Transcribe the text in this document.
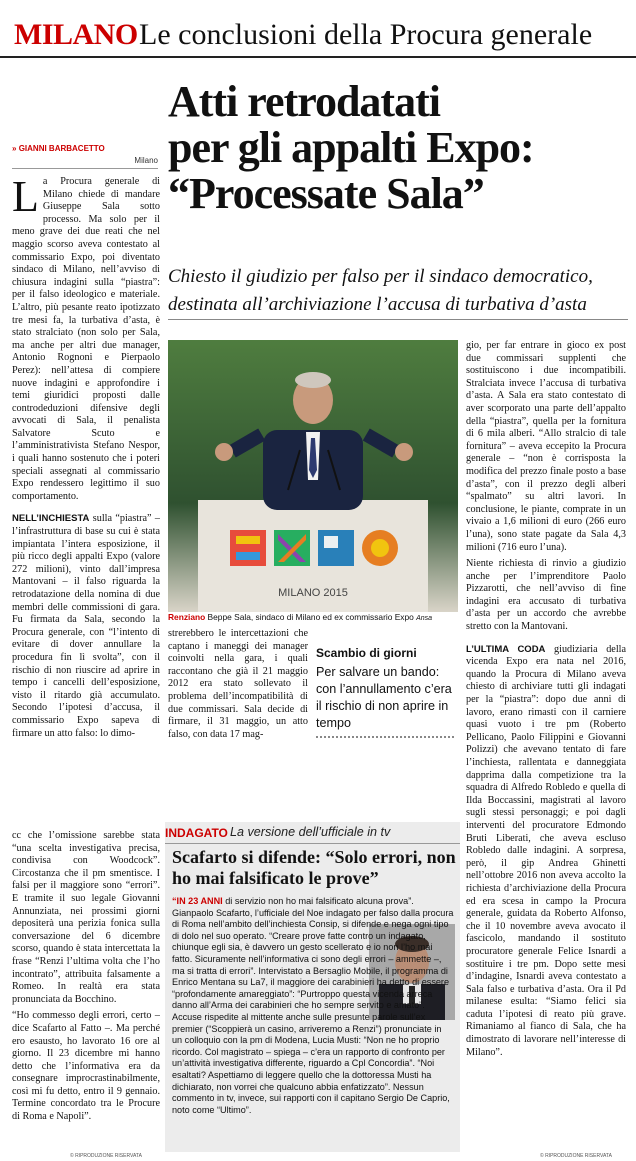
MILANO Le conclusioni della Procura generale
Atti retrodatati
per gli appalti Expo:
“Processate Sala”
Chiesto il giudizio per falso per il sindaco democratico,
destinata all’archiviazione l’accusa di turbativa d’asta
» GIANNI BARBACETTO
Milano
L a Procura generale di Milano chiede di mandare Giuseppe Sala sotto processo. Ma solo per il meno grave dei due reati che nel maggio scorso aveva contestato al commissario Expo, poi diventato sindaco di Milano, nell’avviso di chiusura indagini sulla “piastra”: per il falso ideologico e materiale. L’altro, più pesante reato ipotizzato tre mesi fa, la turbativa d’asta, è stato stralciato (non solo per Sala, ma anche per altri due manager, Antonio Rognoni e Pierpaolo Perez): nell’attesa di compiere nuove indagini e approfondire i temi giuridici proposti dalle controdeduzioni difensive degli avvocati di Sala, il penalista Salvatore Scuto e l’amministrativista Stefano Nespor, i quali hanno sostenuto che i poteri speciali assegnati al commissario Expo rendessero legittimo il suo comportamento.
NELL’INCHIESTA sulla “piastra” – l’infrastruttura di base su cui è stata impiantata l’intera esposizione, il più ricco degli appalti Expo (valore 272 milioni), vinto dall’impresa Mantovani – il falso riguarda la retrodatazione della nomina di due membri delle commissioni di gara. Fu firmata da Sala, secondo la Procura generale, con “l’intento di evitare di dover annullare la procedura fin lì svolta”, con il rischio di non riuscire ad aprire in tempo i cancelli dell’esposizione, visto il ritardo già accumulato. Secondo l’ipotesi d’accusa, il commissario Expo sapeva di firmare un atto falso: lo dimo-
cc che l’omissione sarebbe stata “una scelta investigativa precisa, condivisa con Woodcock”. Circostanza che il pm smentisce. I falsi per il maggiore sono “errori”. E tramite il suo legale Giovanni Annunziata, nei prossimi giorni depositerà una perizia fonica sulla conversazione del 6 dicembre scorso, quando è stata intercettata la frase “Renzi l’ultima volta che l’ho incontrato”, attribuita falsamente a Romeo. In realtà era stata pronunciata da Bocchino.
“Ho commesso degli errori, certo – dice Scafarto al Fatto –. Ma perché ero esausto, ho lavorato 16 ore al giorno. Il 23 dicembre mi hanno detto che l’informativa era da consegnare improcrastinabilmente, così mi fu detto, entro il 9 gennaio. Termine concordato tra le Procure di Roma e Napoli”.
MILANO 2015
Renziano Beppe Sala, sindaco di Milano ed ex commissario Expo Ansa
strerebbero le intercettazioni che captano i maneggi dei manager coinvolti nella gara, i quali raccontano che già il 21 maggio 2012 era stato sollevato il problema dell’incompatibilità di due commissari. Sala decide di firmare, il 31 maggio, un atto falso, con data 17 mag-
Scambio di giorni
Per salvare un bando: con l’annullamento c’era il rischio di non aprire in tempo
gio, per far entrare in gioco ex post due commissari supplenti che sostituiscono i due incompatibili. Stralciata invece l’accusa di turbativa d’asta. A Sala era stato contestato di aver scorporato una parte dell’appalto della “piastra”, quella per la fornitura di 6 mila alberi. “Allo stralcio di tale fornitura” – aveva eccepito la Procura generale – “non è corrisposta la modifica del prezzo finale posto a base d’asta”, con il prezzo degli alberi “spalmato” su altri lavori. In conclusione, le piante, comprate in un vivaio a 1,6 milioni di euro (266 euro l’una), sono state pagate da Sala 4,3 milioni (716 euro l’una).
Niente richiesta di rinvio a giudizio anche per l’imprenditore Paolo Pizzarotti, che nell’avviso di fine indagini era accusato di turbativa d’asta per un accordo che avrebbe stretto con la Mantovani.
L’ULTIMA CODA giudiziaria della vicenda Expo era nata nel 2016, quando la Procura di Milano aveva chiesto di archiviare tutti gli indagati per la “piastra”: dopo due anni di lavoro, erano rimasti con il carniere quasi vuoto i tre pm (Roberto Pellicano, Paolo Filippini e Giovanni Polizzi) che avevano tentato di fare l’inchiesta, rallentata e danneggiata dapprima dalla competizione tra la squadra di Alfredo Robledo e quella di Ilda Boccassini, magistrati al lavoro sugli stessi personaggi; e poi dagli interventi del procuratore Edmondo Bruti Liberati, che aveva escluso Robledo dalle indagini. A sorpresa, però, il gip Andrea Ghinetti nell’ottobre 2016 non aveva accolto la richiesta d’archiviazione della Procura ed era scesa in campo la Procura generale, guidata da Roberto Alfonso, che il 10 novembre aveva avocato il fascicolo, mandando il sostituto procuratore generale Felice Isnardi a sostituire i tre pm. Dopo sette mesi d’indagine, Isnardi aveva contestato a Sala falso e turbativa d’asta. Ora il Pd milanese esulta: “Siamo felici sia caduta l’ipotesi di reato più grave. Rimaniamo al fianco di Sala, che ha dimostrato di lavorare nell’interesse di Milano”.
INDAGATO La versione dell’ufficiale in tv
Scafarto si difende: “Solo errori, non ho mai falsificato le prove”
“IN 23 ANNI di servizio non ho mai falsificato alcuna prova”. Gianpaolo Scafarto, l’ufficiale del Noe indagato per falso dalla procura di Roma nell’ambito dell’inchiesta Consip, si difende e nega ogni tipo di dolo nel suo operato. “Creare prove fatte contro un indagato, chiunque egli sia, è davvero un gesto scellerato e io non l’ho mai fatto. Sicuramente nell’informativa ci sono degli errori – ammette –, ma si tratta di errori”. Intervistato a Bersaglio Mobile, il programma di Enrico Mentana su La7, il maggiore dei carabinieri ha detto di essere “profondamente amareggiato”: “Purtroppo questa vicenda arreca danno all’Arma dei carabinieri che ho sempre servito e amato”. Accuse rispedite al mittente anche sulle presunte parole sull’ex premier (“Scoppierà un casino, arriveremo a Renzi”) pronunciate in un colloquio con la pm di Modena, Lucia Musti: “Non ne ho proprio ricordo. Col magistrato – spiega – c’era un rapporto di confronto per un’attività investigativa differente, riguardo a Cpl Concordia”. “Noi esaltati? Aspettiamo di leggere quello che la dottoressa Musti ha dichiarato, non vorrei che qualcuno abbia enfatizzato”. Nessun commento in tv, invece, sui rapporti con il capitano Sergio De Caprio, noto come “Ultimo”.
© RIPRODUZIONE RISERVATA	© RIPRODUZIONE RISERVATA
